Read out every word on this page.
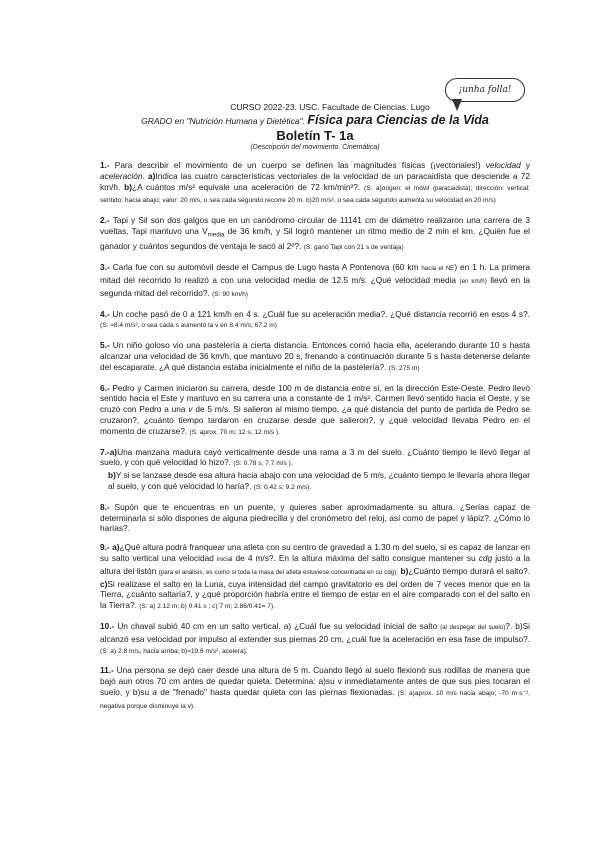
¡unha folla!
CURSO 2022-23. USC. Facultade de Ciencias. Lugo
GRADO en "Nutrición Humana y Dietética". Física para Ciencias de la Vida
Boletín T- 1a
(Descripción del movimiento. Cinemática)
1.- Para describir el movimiento de un cuerpo se definen las magnitudes físicas (¡vectoriales!) velocidad y aceleración. a)Indica las cuatro características vectoriales de la velocidad de un paracaidista que desciende a 72 km/h. b)¿A cuántos m/s² equivale una aceleración de 72 km/min²?. (S: a)origen: el móvil (paracaidista); dirección: vertical; sentido: hacia abajo; valor: 20 m/s, o sea cada segundo recorre 20 m. b)20 m/s², o sea cada segundo aumenta su velocidad en 20 m/s)
2.- Tapi y Sil son dos galgos que en un canódromo circular de 11141 cm de diámetro realizaron una carrera de 3 vueltas. Tapi mantuvo una $V_{media}$ de 36 km/h, y Sil logró mantener un ritmo medio de 2 min el km. ¿Quién fue el ganador y cuántos segundos de ventaja le sacó al 2º?. (S: ganó Tapi con 21 s de ventaja)
3.- Carla fue con su automóvil desde el Campus de Lugo hasta A Pontenova (60 km hacia el NE) en 1 h. La primera mitad del recorrido lo realizó a con una velocidad media de 12.5 m/s. ¿Qué velocidad media (en km/h) llevó en la segunda mitad del recorrido?. (S: 90 km/h)
4.- Un coche pasó de 0 a 121 km/h en 4 s. ¿Cuál fue su aceleración media?. ¿Qué distancia recorrió en esos 4 s?. (S: ≈8.4 m/s², o sea cada s aumentó la v en 8.4 m/s; 67.2 m)
5.- Un niño goloso vio una pastelería a cierta distancia. Entonces corrió hacia ella, acelerando durante 10 s hasta alcanzar una velocidad de 36 km/h, que mantuvo 20 s, frenando a continuación durante 5 s hasta detenerse delante del escaparate. ¿A qué distancia estaba inicialmente el niño de la pastelería?. (S: 275 m)
6.- Pedro y Carmen iniciaron su carrera, desde 100 m de distancia entre sí, en la dirección Este-Oeste. Pedro llevó sentido hacia el Este y mantuvo en su carrera una a constante de 1 m/s². Carmen llevó sentido hacia el Oeste, y se cruzó con Pedro a una v de 5 m/s. Si salieron al mismo tiempo, ¿a qué distancia del punto de partida de Pedro se cruzaron?, ¿cuánto tiempo tardaron en cruzarse desde que salieron?, y ¿qué velocidad llevaba Pedro en el momento de cruzarse?. (S: aprox. 70 m; 12 s; 12 m/s ).
7.-a)Una manzana madura cayó verticalmente desde una rama a 3 m del suelo. ¿Cuánto tiempo le llevó llegar al suelo, y con qué velocidad lo hizo?. (S: 0.78 s; 7.7 m/s ).
b)Y si se lanzase desde esa altura hacia abajo con una velocidad de 5 m/s, ¿cuánto tiempo le llevaría ahora llegar al suelo, y con qué velocidad lo haría?. (S: 0.42 s; 9.2 m/s).
8.- Supón que te encuentras en un puente, y quieres saber aproximadamente su altura. ¿Serías capaz de determinarla si sólo dispones de alguna piedrecilla y del cronómetro del reloj, así como de papel y lápiz?. ¿Cómo lo harías?.
9.- a)¿Qué altura podrá franquear una atleta con su centro de gravedad a 1.30 m del suelo, si es capaz de lanzar en su salto vertical una velocidad inicial de 4 m/s?. En la altura máxima del salto consigue mantener su cdg justo a la altura del listón (para el análisis, es como si toda la masa del atleta estuviese concentrada en su cdg). b)¿Cuánto tiempo durará el salto?. c)Si realizase el salto en la Luna, cuya intensidad del campo gravitatorio es del orden de 7 veces menor que en la Tierra, ¿cuánto saltaría?, y ¿qué proporción habría entre el tiempo de estar en el aire comparado con el del salto en la Tierra?. (S: a) 2.12 m; b) 0.41 s ; c) 7 m; 2.86/0.41= 7).
10.- Un chaval subió 40 cm en un salto vertical. a) ¿Cuál fue su velocidad inicial de salto (al despegar del suelo)?. b)Si alcanzó esa velocidad por impulso al extender sus piernas 20 cm, ¿cuál fue la aceleración en esa fase de impulso?. (S: a) 2.8 m/s, hacia arriba; b)≈19.6 m/s², acelera).
11.- Una persona se dejó caer desde una altura de 5 m. Cuando llegó al suelo flexionó sus rodillas de manera que bajó aun otros 70 cm antes de quedar quieta. Determina: a)su v inmediatamente antes de que sus pies tocaran el suelo, y b)su a de "frenado" hasta quedar quieta con las piernas flexionadas. (S: a)aprox. 10 m/s hacia abajo; -70 m·s⁻², negativa porque disminuye la v).
